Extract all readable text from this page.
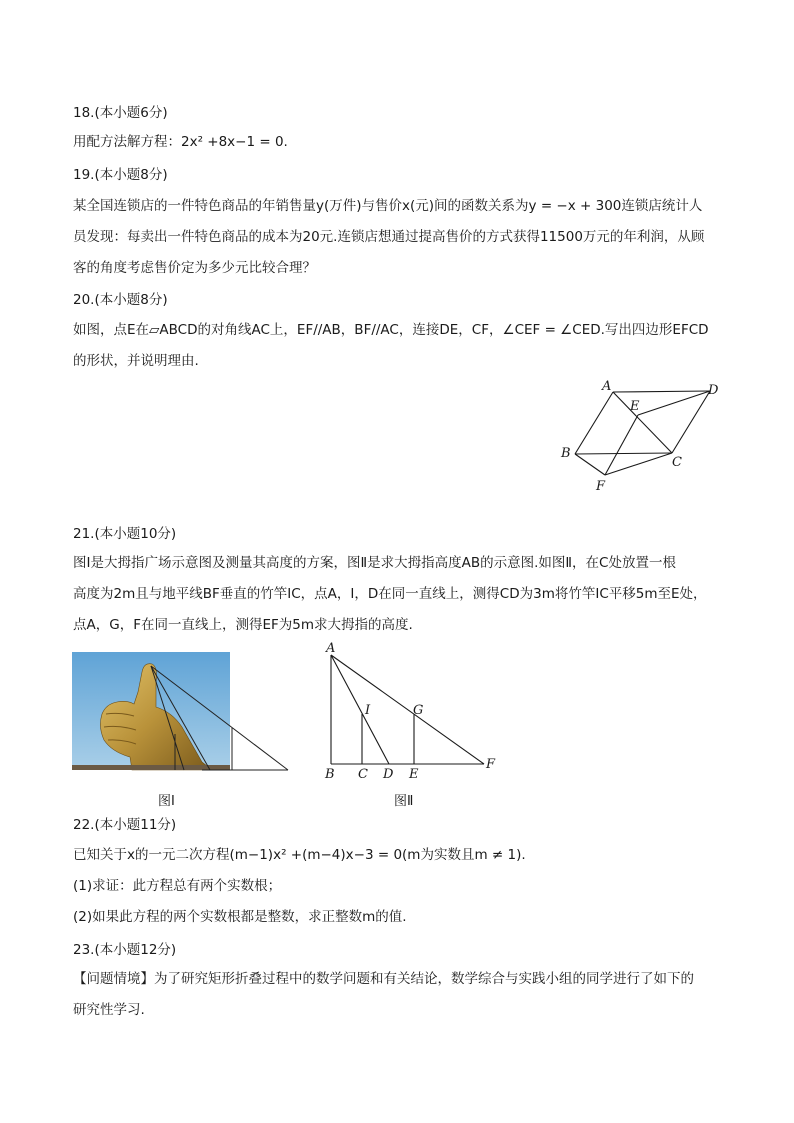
18.(本小题6分)
用配方法解方程：2x² +8x−1 = 0.
19.(本小题8分)
某全国连锁店的一件特色商品的年销售量y(万件)与售价x(元)间的函数关系为y = −x + 300连锁店统计人
员发现：每卖出一件特色商品的成本为20元.连锁店想通过提高售价的方式获得11500万元的年利润，从顾
客的角度考虑售价定为多少元比较合理？
20.(本小题8分)
如图，点E在▱ABCD的对角线AC上，EF//AB，BF//AC，连接DE，CF，∠CEF = ∠CED.写出四边形EFCD
的形状，并说明理由.
A	D
E
B
C
F
21.(本小题10分)
图Ⅰ是大拇指广场示意图及测量其高度的方案，图Ⅱ是求大拇指高度AB的示意图.如图Ⅱ，在C处放置一根
高度为2m且与地平线BF垂直的竹竿IC，点A，I，D在同一直线上，测得CD为3m将竹竿IC平移5m至E处，
点A，G，F在同一直线上，测得EF为5m求大拇指的高度.
图Ⅰ
A
I	G
B C D E
F
图Ⅱ
22.(本小题11分)
已知关于x的一元二次方程(m−1)x² +(m−4)x−3 = 0(m为实数且m ≠ 1).
(1)求证：此方程总有两个实数根；
(2)如果此方程的两个实数根都是整数，求正整数m的值.
23.(本小题12分)
【问题情境】为了研究矩形折叠过程中的数学问题和有关结论，数学综合与实践小组的同学进行了如下的
研究性学习.
